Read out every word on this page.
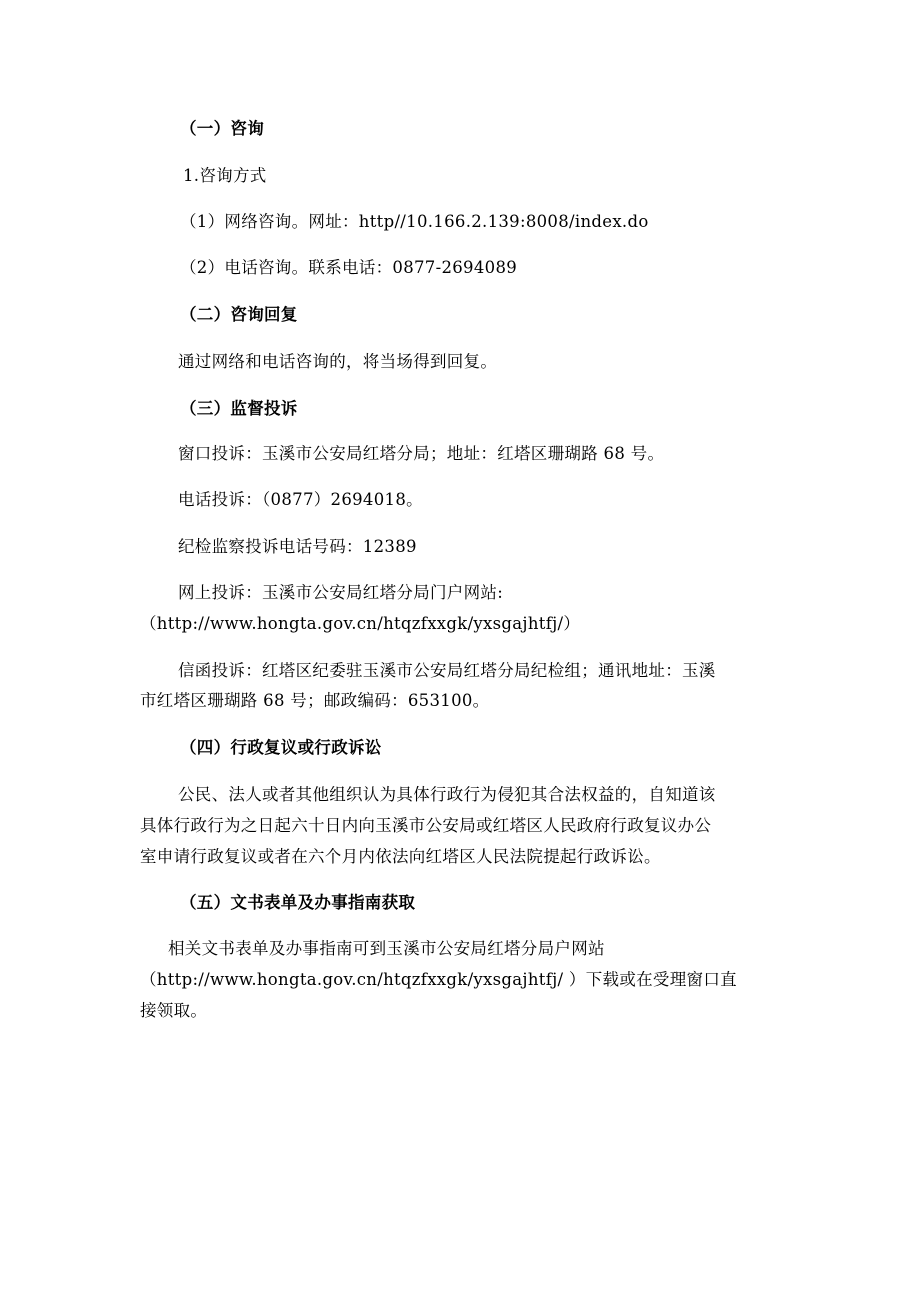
（一）咨询
1.咨询方式
（1）网络咨询。网址：http//10.166.2.139:8008/index.do
（2）电话咨询。联系电话：0877-2694089
（二）咨询回复
通过网络和电话咨询的，将当场得到回复。
（三）监督投诉
窗口投诉：玉溪市公安局红塔分局；地址：红塔区珊瑚路 68 号。
电话投诉：（0877）2694018。
纪检监察投诉电话号码：12389
网上投诉：玉溪市公安局红塔分局门户网站:
（http://www.hongta.gov.cn/htqzfxxgk/yxsgajhtfj/）
信函投诉：红塔区纪委驻玉溪市公安局红塔分局纪检组；通讯地址：玉溪
市红塔区珊瑚路 68 号；邮政编码：653100。
（四）行政复议或行政诉讼
公民、法人或者其他组织认为具体行政行为侵犯其合法权益的，自知道该
具体行政行为之日起六十日内向玉溪市公安局或红塔区人民政府行政复议办公
室申请行政复议或者在六个月内依法向红塔区人民法院提起行政诉讼。
（五）文书表单及办事指南获取
相关文书表单及办事指南可到玉溪市公安局红塔分局户网站
（http://www.hongta.gov.cn/htqzfxxgk/yxsgajhtfj/ ）下载或在受理窗口直
接领取。
